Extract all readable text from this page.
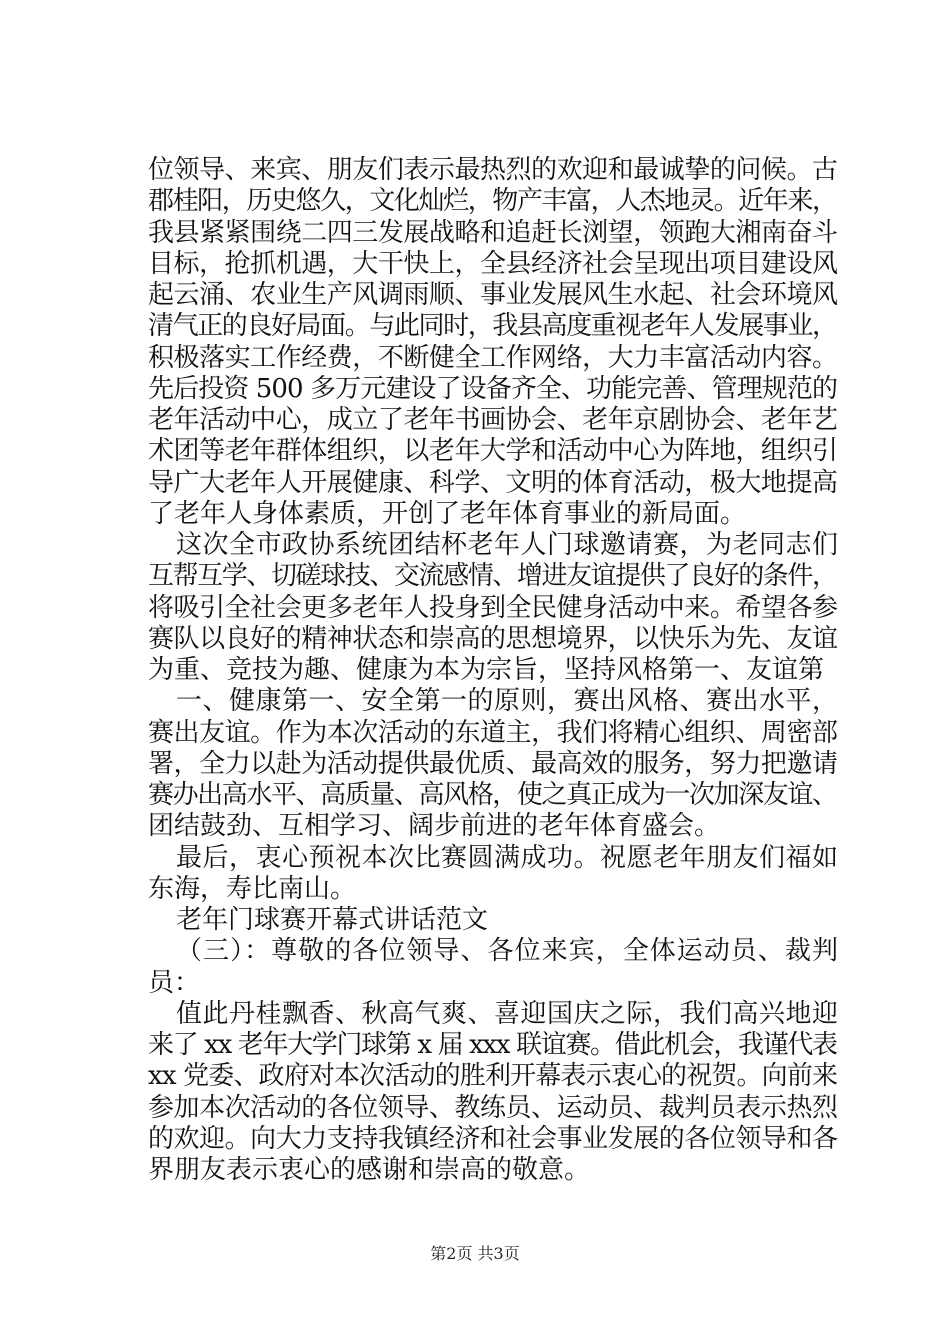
位领导、来宾、朋友们表示最热烈的欢迎和最诚挚的问候。古
郡桂阳，历史悠久，文化灿烂，物产丰富，人杰地灵。近年来，
我县紧紧围绕二四三发展战略和追赶长浏望，领跑大湘南奋斗
目标，抢抓机遇，大干快上，全县经济社会呈现出项目建设风
起云涌、农业生产风调雨顺、事业发展风生水起、社会环境风
清气正的良好局面。与此同时，我县高度重视老年人发展事业，
积极落实工作经费，不断健全工作网络，大力丰富活动内容。
先后投资 500 多万元建设了设备齐全、功能完善、管理规范的
老年活动中心，成立了老年书画协会、老年京剧协会、老年艺
术团等老年群体组织，以老年大学和活动中心为阵地，组织引
导广大老年人开展健康、科学、文明的体育活动，极大地提高
了老年人身体素质，开创了老年体育事业的新局面。
这次全市政协系统团结杯老年人门球邀请赛，为老同志们
互帮互学、切磋球技、交流感情、增进友谊提供了良好的条件，
将吸引全社会更多老年人投身到全民健身活动中来。希望各参
赛队以良好的精神状态和崇高的思想境界，以快乐为先、友谊
为重、竞技为趣、健康为本为宗旨，坚持风格第一、友谊第
一、健康第一、安全第一的原则，赛出风格、赛出水平，
赛出友谊。作为本次活动的东道主，我们将精心组织、周密部
署，全力以赴为活动提供最优质、最高效的服务，努力把邀请
赛办出高水平、高质量、高风格，使之真正成为一次加深友谊、
团结鼓劲、互相学习、阔步前进的老年体育盛会。
最后，衷心预祝本次比赛圆满成功。祝愿老年朋友们福如
东海，寿比南山。
老年门球赛开幕式讲话范文
（三）：尊敬的各位领导、各位来宾，全体运动员、裁判
员：
值此丹桂飘香、秋高气爽、喜迎国庆之际，我们高兴地迎
来了 xx 老年大学门球第 x 届 xxx 联谊赛。借此机会，我谨代表
xx 党委、政府对本次活动的胜利开幕表示衷心的祝贺。向前来
参加本次活动的各位领导、教练员、运动员、裁判员表示热烈
的欢迎。向大力支持我镇经济和社会事业发展的各位领导和各
界朋友表示衷心的感谢和崇高的敬意。
第2页 共3页
